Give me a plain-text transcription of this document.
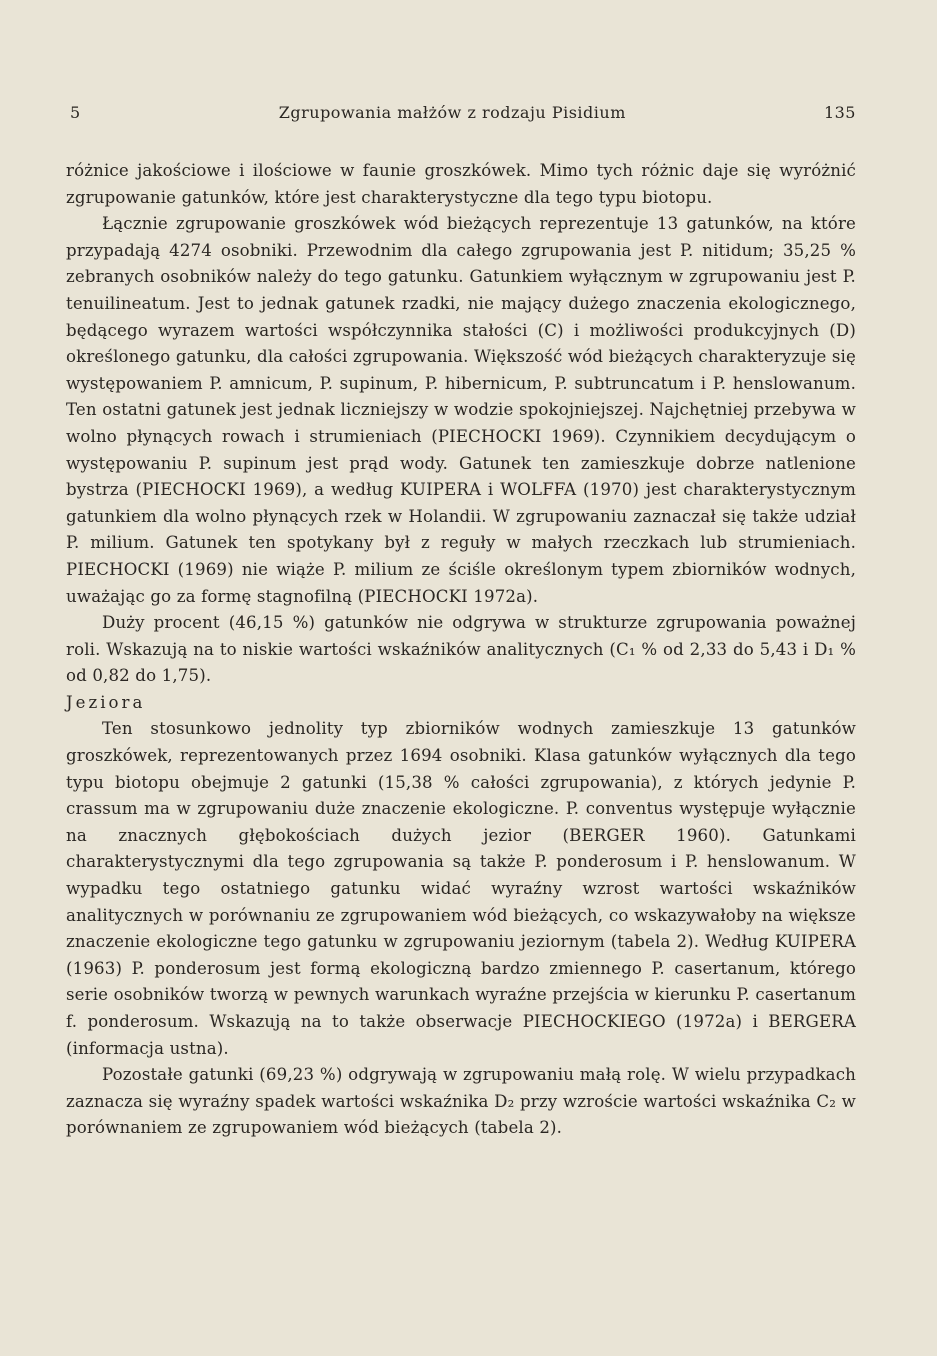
5	Zgrupowania małżów z rodzaju Pisidium	135

różnice jakościowe i ilościowe w faunie groszkówek. Mimo tych różnic daje się wyróżnić zgrupowanie gatunków, które jest charakterystyczne dla tego typu biotopu.

Łącznie zgrupowanie groszkówek wód bieżących reprezentuje 13 gatunków, na które przypadają 4274 osobniki. Przewodnim dla całego zgrupowania jest P. nitidum; 35,25 % zebranych osobników należy do tego gatunku. Gatunkiem wyłącznym w zgrupowaniu jest P. tenuilineatum. Jest to jednak gatunek rzadki, nie mający dużego znaczenia ekologicznego, będącego wyrazem wartości współczynnika stałości (C) i możliwości produkcyjnych (D) określonego gatunku, dla całości zgrupowania. Większość wód bieżących charakteryzuje się występowaniem P. amnicum, P. supinum, P. hibernicum, P. subtruncatum i P. henslowanum. Ten ostatni gatunek jest jednak liczniejszy w wodzie spokojniejszej. Najchętniej przebywa w wolno płynących rowach i strumieniach (PIECHOCKI 1969). Czynnikiem decydującym o występowaniu P. supinum jest prąd wody. Gatunek ten zamieszkuje dobrze natlenione bystrza (PIECHOCKI 1969), a według KUIPERA i WOLFFA (1970) jest charakterystycznym gatunkiem dla wolno płynących rzek w Holandii. W zgrupowaniu zaznaczał się także udział P. milium. Gatunek ten spotykany był z reguły w małych rzeczkach lub strumieniach. PIECHOCKI (1969) nie wiąże P. milium ze ściśle określonym typem zbiorników wodnych, uważając go za formę stagnofilną (PIECHOCKI 1972a).

Duży procent (46,15 %) gatunków nie odgrywa w strukturze zgrupowania poważnej roli. Wskazują na to niskie wartości wskaźników analitycznych (C₁ % od 2,33 do 5,43 i D₁ % od 0,82 do 1,75).

Jeziora

Ten stosunkowo jednolity typ zbiorników wodnych zamieszkuje 13 gatunków groszkówek, reprezentowanych przez 1694 osobniki. Klasa gatunków wyłącznych dla tego typu biotopu obejmuje 2 gatunki (15,38 % całości zgrupowania), z których jedynie P. crassum ma w zgrupowaniu duże znaczenie ekologiczne. P. conventus występuje wyłącznie na znacznych głębokościach dużych jezior (BERGER 1960). Gatunkami charakterystycznymi dla tego zgrupowania są także P. ponderosum i P. henslowanum. W wypadku tego ostatniego gatunku widać wyraźny wzrost wartości wskaźników analitycznych w porównaniu ze zgrupowaniem wód bieżących, co wskazywałoby na większe znaczenie ekologiczne tego gatunku w zgrupowaniu jeziornym (tabela 2). Według KUIPERA (1963) P. ponderosum jest formą ekologiczną bardzo zmiennego P. casertanum, którego serie osobników tworzą w pewnych warunkach wyraźne przejścia w kierunku P. casertanum f. ponderosum. Wskazują na to także obserwacje PIECHOCKIEGO (1972a) i BERGERA (informacja ustna).

Pozostałe gatunki (69,23 %) odgrywają w zgrupowaniu małą rolę. W wielu przypadkach zaznacza się wyraźny spadek wartości wskaźnika D₂ przy wzroście wartości wskaźnika C₂ w porównaniem ze zgrupowaniem wód bieżących (tabela 2).
